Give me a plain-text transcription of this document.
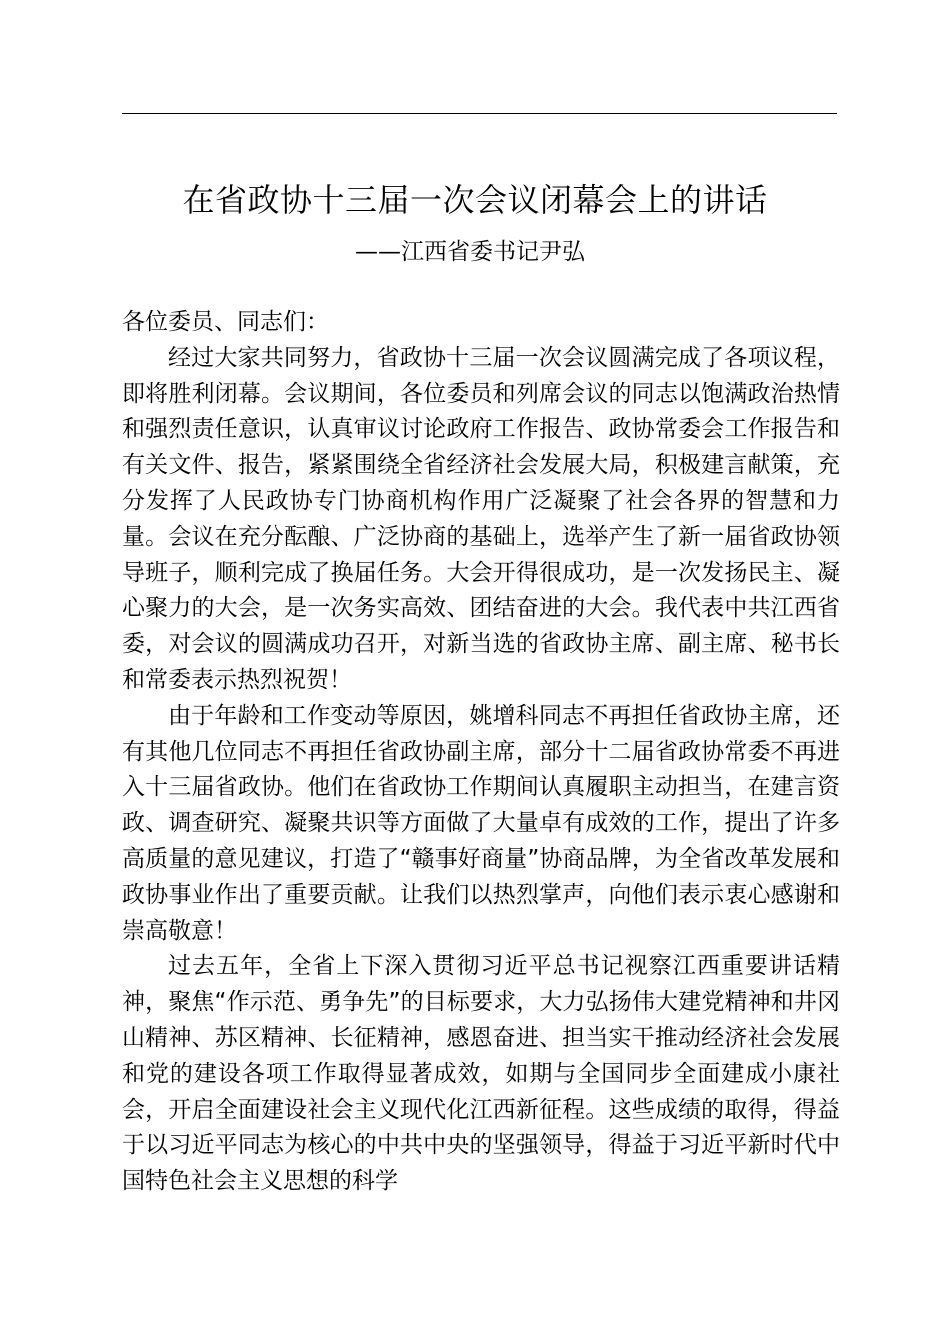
在省政协十三届一次会议闭幕会上的讲话
——江西省委书记尹弘

各位委员、同志们：

经过大家共同努力，省政协十三届一次会议圆满完成了各项议程，即将胜利闭幕。会议期间，各位委员和列席会议的同志以饱满政治热情和强烈责任意识，认真审议讨论政府工作报告、政协常委会工作报告和有关文件、报告，紧紧围绕全省经济社会发展大局，积极建言献策，充分发挥了人民政协专门协商机构作用广泛凝聚了社会各界的智慧和力量。会议在充分酝酿、广泛协商的基础上，选举产生了新一届省政协领导班子，顺利完成了换届任务。大会开得很成功，是一次发扬民主、凝心聚力的大会，是一次务实高效、团结奋进的大会。我代表中共江西省委，对会议的圆满成功召开，对新当选的省政协主席、副主席、秘书长和常委表示热烈祝贺！

由于年龄和工作变动等原因，姚增科同志不再担任省政协主席，还有其他几位同志不再担任省政协副主席，部分十二届省政协常委不再进入十三届省政协。他们在省政协工作期间认真履职主动担当，在建言资政、调查研究、凝聚共识等方面做了大量卓有成效的工作，提出了许多高质量的意见建议，打造了“赣事好商量”协商品牌，为全省改革发展和政协事业作出了重要贡献。让我们以热烈掌声，向他们表示衷心感谢和崇高敬意！

过去五年，全省上下深入贯彻习近平总书记视察江西重要讲话精神，聚焦“作示范、勇争先”的目标要求，大力弘扬伟大建党精神和井冈山精神、苏区精神、长征精神，感恩奋进、担当实干推动经济社会发展和党的建设各项工作取得显著成效，如期与全国同步全面建成小康社会，开启全面建设社会主义现代化江西新征程。这些成绩的取得，得益于以习近平同志为核心的中共中央的坚强领导，得益于习近平新时代中国特色社会主义思想的科学
